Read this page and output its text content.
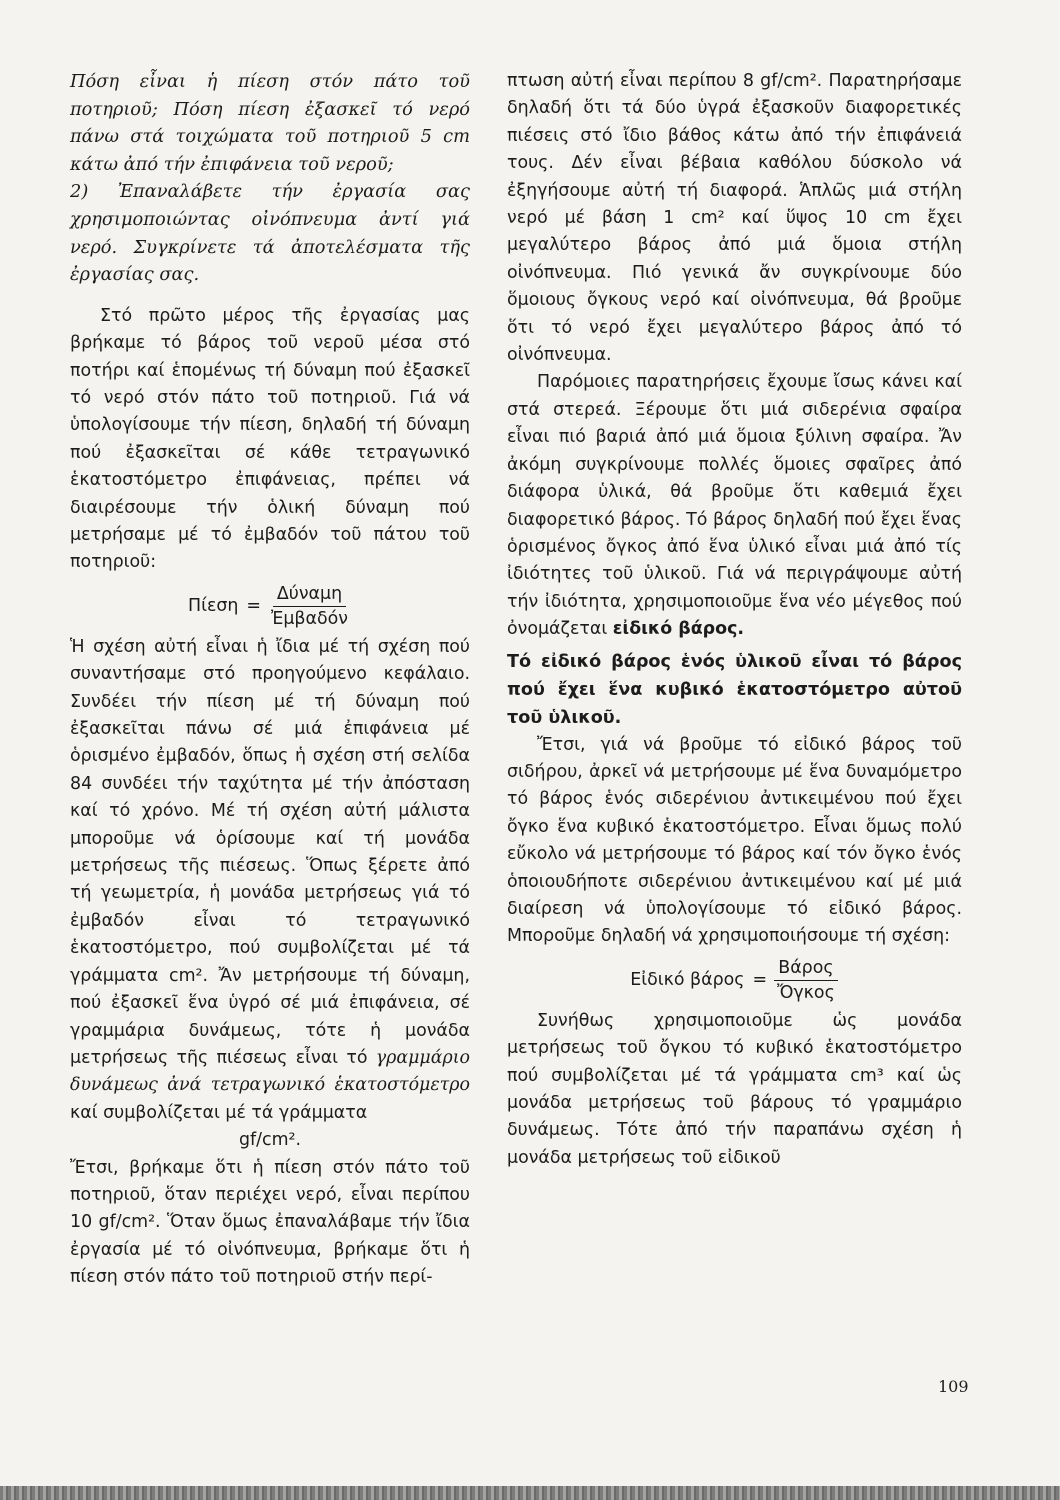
Πόση εἶναι ἡ πίεση στόν πάτο τοῦ ποτηριοῦ; Πόση πίεση ἐξασκεῖ τό νερό πάνω στά τοιχώματα τοῦ ποτηριοῦ 5 cm κάτω ἀπό τήν ἐπιφάνεια τοῦ νεροῦ;

2) Ἐπαναλάβετε τήν ἐργασία σας χρησιμοποιώντας οἰνόπνευμα ἀντί γιά νερό. Συγκρίνετε τά ἀποτελέσματα τῆς ἐργασίας σας.

Στό πρῶτο μέρος τῆς ἐργασίας μας βρήκαμε τό βάρος τοῦ νεροῦ μέσα στό ποτήρι καί ἑπομένως τή δύναμη πού ἐξασκεῖ τό νερό στόν πάτο τοῦ ποτηριοῦ. Γιά νά ὑπολογίσουμε τήν πίεση, δηλαδή τή δύναμη πού ἐξασκεῖται σέ κάθε τετραγωνικό ἑκατοστόμετρο ἐπιφάνειας, πρέπει νά διαιρέσουμε τήν ὁλική δύναμη πού μετρήσαμε μέ τό ἐμβαδόν τοῦ πάτου τοῦ ποτηριοῦ:

$\Pi ί\varepsilon\sigma\eta = \frac{\text{Δύναμη}}{\text{Ἐμβαδόν}}$

Ἡ σχέση αὐτή εἶναι ἡ ἴδια μέ τή σχέση πού συναντήσαμε στό προηγούμενο κεφάλαιο. Συνδέει τήν πίεση μέ τή δύναμη πού ἐξασκεῖται πάνω σέ μιά ἐπιφάνεια μέ ὁρισμένο ἐμβαδόν, ὅπως ἡ σχέση στή σελίδα 84 συνδέει τήν ταχύτητα μέ τήν ἀπόσταση καί τό χρόνο. Μέ τή σχέση αὐτή μάλιστα μποροῦμε νά ὁρίσουμε καί τή μονάδα μετρήσεως τῆς πιέσεως. Ὅπως ξέρετε ἀπό τή γεωμετρία, ἡ μονάδα μετρήσεως γιά τό ἐμβαδόν εἶναι τό τετραγωνικό ἑκατοστόμετρο, πού συμβολίζεται μέ τά γράμματα cm². Ἄν μετρήσουμε τή δύναμη, πού ἐξασκεῖ ἕνα ὑγρό σέ μιά ἐπιφάνεια, σέ γραμμάρια δυνάμεως, τότε ἡ μονάδα μετρήσεως τῆς πιέσεως εἶναι τό γραμμάριο δυνάμεως ἀνά τετραγωνικό ἑκατοστόμετρο καί συμβολίζεται μέ τά γράμματα

gf/cm².

Ἔτσι, βρήκαμε ὅτι ἡ πίεση στόν πάτο τοῦ ποτηριοῦ, ὅταν περιέχει νερό, εἶναι περίπου 10 gf/cm². Ὅταν ὅμως ἐπαναλάβαμε τήν ἴδια ἐργασία μέ τό οἰνόπνευμα, βρήκαμε ὅτι ἡ πίεση στόν πάτο τοῦ ποτηριοῦ στήν περί-

πτωση αὐτή εἶναι περίπου 8 gf/cm². Παρατηρήσαμε δηλαδή ὅτι τά δύο ὑγρά ἐξασκοῦν διαφορετικές πιέσεις στό ἴδιο βάθος κάτω ἀπό τήν ἐπιφάνειά τους. Δέν εἶναι βέβαια καθόλου δύσκολο νά ἐξηγήσουμε αὐτή τή διαφορά. Ἁπλῶς μιά στήλη νερό μέ βάση 1 cm² καί ὕψος 10 cm ἔχει μεγαλύτερο βάρος ἀπό μιά ὅμοια στήλη οἰνόπνευμα. Πιό γενικά ἄν συγκρίνουμε δύο ὅμοιους ὄγκους νερό καί οἰνόπνευμα, θά βροῦμε ὅτι τό νερό ἔχει μεγαλύτερο βάρος ἀπό τό οἰνόπνευμα.

Παρόμοιες παρατηρήσεις ἔχουμε ἴσως κάνει καί στά στερεά. Ξέρουμε ὅτι μιά σιδερένια σφαίρα εἶναι πιό βαριά ἀπό μιά ὅμοια ξύλινη σφαίρα. Ἄν ἀκόμη συγκρίνουμε πολλές ὅμοιες σφαῖρες ἀπό διάφορα ὑλικά, θά βροῦμε ὅτι καθεμιά ἔχει διαφορετικό βάρος. Τό βάρος δηλαδή πού ἔχει ἕνας ὁρισμένος ὄγκος ἀπό ἕνα ὑλικό εἶναι μιά ἀπό τίς ἰδιότητες τοῦ ὑλικοῦ. Γιά νά περιγράψουμε αὐτή τήν ἰδιότητα, χρησιμοποιοῦμε ἕνα νέο μέγεθος πού ὀνομάζεται εἰδικό βάρος.

Τό εἰδικό βάρος ἑνός ὑλικοῦ εἶναι τό βάρος πού ἔχει ἕνα κυβικό ἑκατοστόμετρο αὐτοῦ τοῦ ὑλικοῦ.

Ἔτσι, γιά νά βροῦμε τό εἰδικό βάρος τοῦ σιδήρου, ἀρκεῖ νά μετρήσουμε μέ ἕνα δυναμόμετρο τό βάρος ἑνός σιδερένιου ἀντικειμένου πού ἔχει ὄγκο ἕνα κυβικό ἑκατοστόμετρο. Εἶναι ὅμως πολύ εὔκολο νά μετρήσουμε τό βάρος καί τόν ὄγκο ἑνός ὁποιουδήποτε σιδερένιου ἀντικειμένου καί μέ μιά διαίρεση νά ὑπολογίσουμε τό εἰδικό βάρος. Μποροῦμε δηλαδή νά χρησιμοποιήσουμε τή σχέση:

Εἰδικό $\beta ά\rho o\varsigma = \frac{\text{Βάρος}}{\text{Ὄγκος}}$

Συνήθως χρησιμοποιοῦμε ὡς μονάδα μετρήσεως τοῦ ὄγκου τό κυβικό ἑκατοστόμετρο πού συμβολίζεται μέ τά γράμματα cm³ καί ὡς μονάδα μετρήσεως τοῦ βάρους τό γραμμάριο δυνάμεως. Τότε ἀπό τήν παραπάνω σχέση ἡ μονάδα μετρήσεως τοῦ εἰδικοῦ

109
